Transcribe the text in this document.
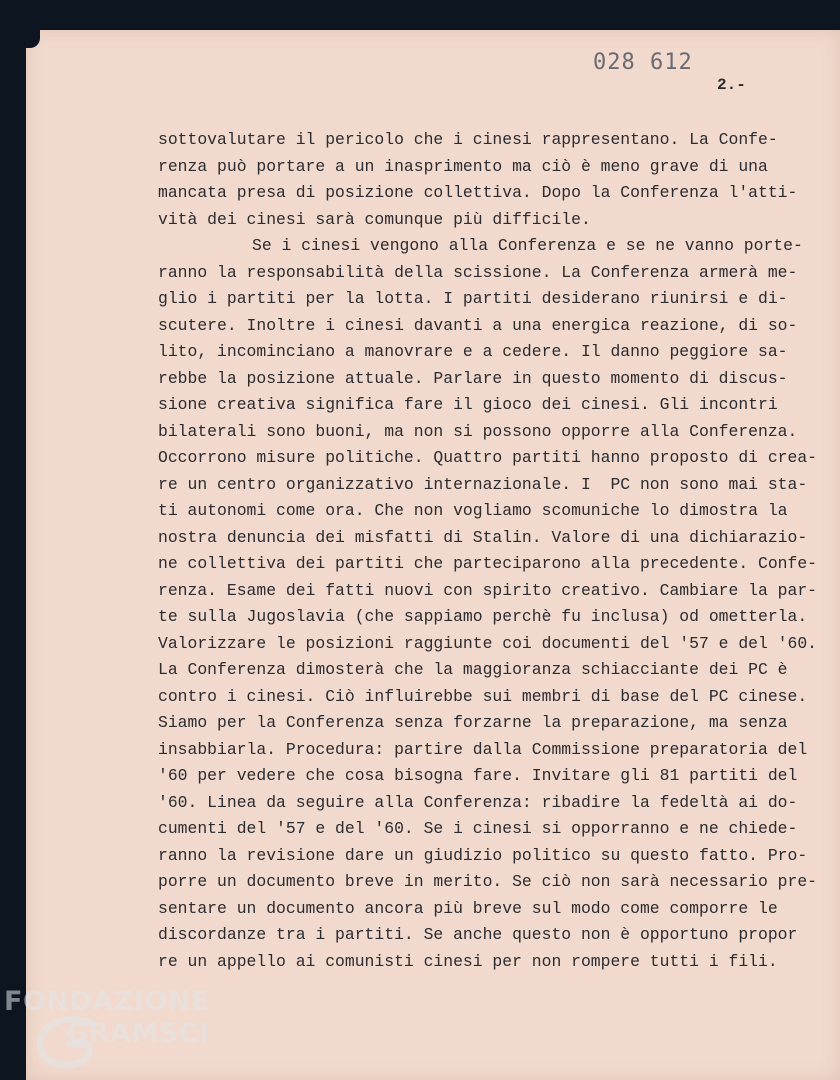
028 612
2.-
sottovalutare il pericolo che i cinesi rappresentano. La Confe-
renza può portare a un inasprimento ma ciò è meno grave di una
mancata presa di posizione collettiva. Dopo la Conferenza l'atti-
vità dei cinesi sarà comunque più difficile.
Se i cinesi vengono alla Conferenza e se ne vanno porte-
ranno la responsabilità della scissione. La Conferenza armerà me-
glio i partiti per la lotta. I partiti desiderano riunirsi e di-
scutere. Inoltre i cinesi davanti a una energica reazione, di so-
lito, incominciano a manovrare e a cedere. Il danno peggiore sa-
rebbe la posizione attuale. Parlare in questo momento di discus-
sione creativa significa fare il gioco dei cinesi. Gli incontri
bilaterali sono buoni, ma non si possono opporre alla Conferenza.
Occorrono misure politiche. Quattro partiti hanno proposto di crea-
re un centro organizzativo internazionale. I  PC non sono mai sta-
ti autonomi come ora. Che non vogliamo scomuniche lo dimostra la
nostra denuncia dei misfatti di Stalin. Valore di una dichiarazio-
ne collettiva dei partiti che parteciparono alla precedente. Confe-
renza. Esame dei fatti nuovi con spirito creativo. Cambiare la par-
te sulla Jugoslavia (che sappiamo perchè fu inclusa) od ometterla.
Valorizzare le posizioni raggiunte coi documenti del '57 e del '60.
La Conferenza dimosterà che la maggioranza schiacciante dei PC è
contro i cinesi. Ciò influirebbe sui membri di base del PC cinese.
Siamo per la Conferenza senza forzarne la preparazione, ma senza
insabbiarla. Procedura: partire dalla Commissione preparatoria del
'60 per vedere che cosa bisogna fare. Invitare gli 81 partiti del
'60. Linea da seguire alla Conferenza: ribadire la fedeltà ai do-
cumenti del '57 e del '60. Se i cinesi si opporranno e ne chiede-
ranno la revisione dare un giudizio politico su questo fatto. Pro-
porre un documento breve in merito. Se ciò non sarà necessario pre-
sentare un documento ancora più breve sul modo come comporre le
discordanze tra i partiti. Se anche questo non è opportuno propor
re un appello ai comunisti cinesi per non rompere tutti i fili.
FONDAZIONE
GRAMSCI
ONLUS
